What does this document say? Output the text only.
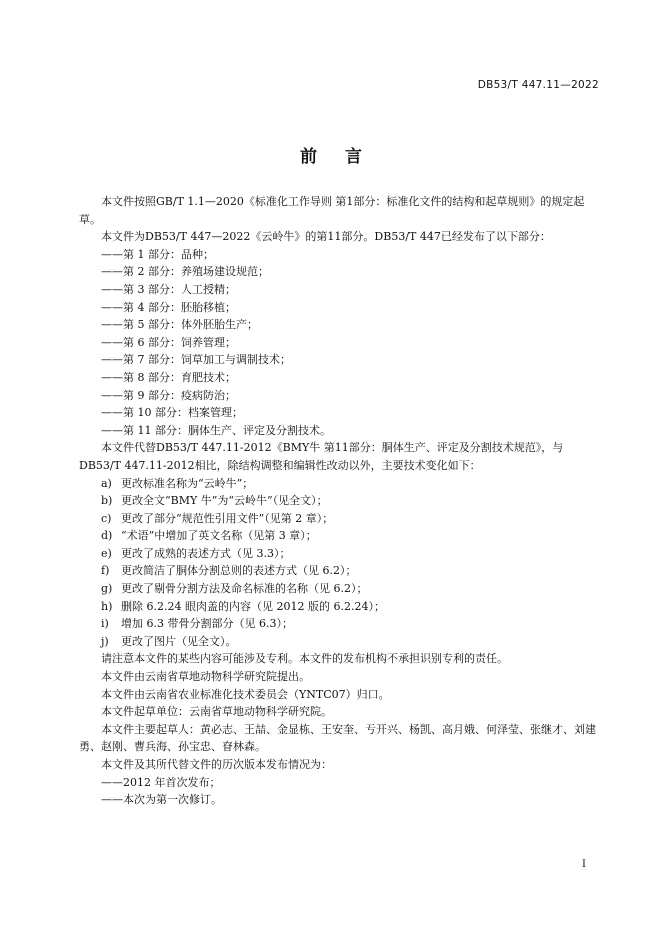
DB53/T 447.11—2022
前言

本文件按照GB/T 1.1—2020《标准化工作导则 第1部分：标准化文件的结构和起草规则》的规定起草。

本文件为DB53/T 447—2022《云岭牛》的第11部分。DB53/T 447已经发布了以下部分：

——第 1 部分：品种；

——第 2 部分：养殖场建设规范；

——第 3 部分：人工授精；

——第 4 部分：胚胎移植；

——第 5 部分：体外胚胎生产；

——第 6 部分：饲养管理；

——第 7 部分：饲草加工与调制技术；

——第 8 部分：育肥技术；

——第 9 部分：疫病防治；

——第 10 部分：档案管理；

——第 11 部分：胴体生产、评定及分割技术。

本文件代替DB53/T 447.11-2012《BMY牛 第11部分：胴体生产、评定及分割技术规范》，与DB53/T 447.11-2012相比，除结构调整和编辑性改动以外，主要技术变化如下：

a) 更改标准名称为“云岭牛”；
b) 更改全文“BMY 牛”为“云岭牛”（见全文）；
c) 更改了部分“规范性引用文件”（见第 2 章）；
d) “术语”中增加了英文名称（见第 3 章）；
e) 更改了成熟的表述方式（见 3.3）；
f)	更改简洁了胴体分割总则的表述方式（见 6.2）；
g) 更改了剔骨分割方法及命名标准的名称（见 6.2）；
h) 删除 6.2.24 眼肉盖的内容（见 2012 版的 6.2.24）；
i)	增加 6.3 带骨分割部分（见 6.3）；
j)	更改了图片（见全文）。

请注意本文件的某些内容可能涉及专利。本文件的发布机构不承担识别专利的责任。

本文件由云南省草地动物科学研究院提出。

本文件由云南省农业标准化技术委员会（YNTC07）归口。

本文件起草单位：云南省草地动物科学研究院。

本文件主要起草人：黄必志、王喆、金显栋、王安奎、亐开兴、杨凯、高月娥、何泽莹、张继才、刘建勇、赵刚、曹兵海、孙宝忠、眘林森。

本文件及其所代替文件的历次版本发布情况为：

——2012 年首次发布；

——本次为第一次修订。

I
